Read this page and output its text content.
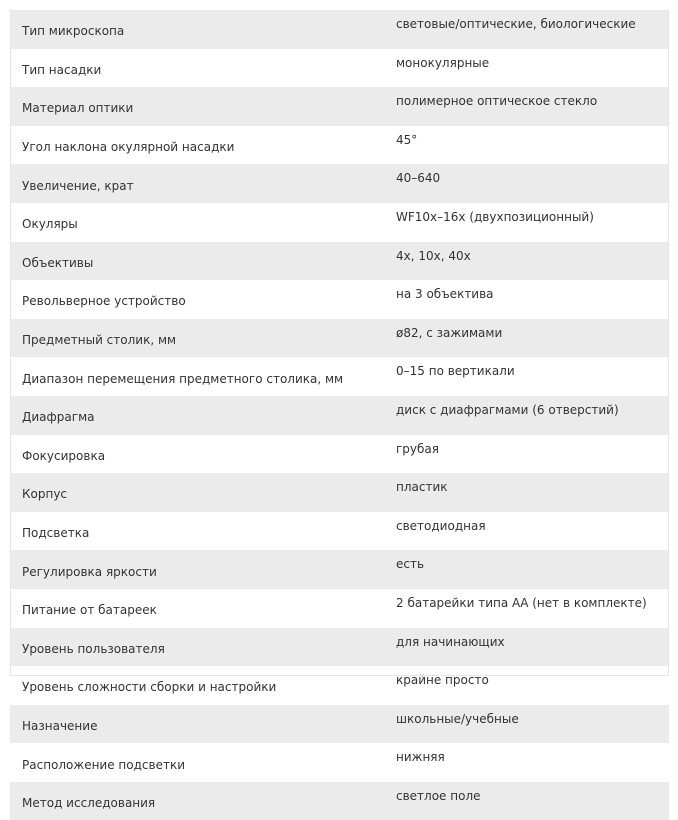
Тип микроскопа	световые/оптические, биологические
Тип насадки	монокулярные
Материал оптики	полимерное оптическое стекло
Угол наклона окулярной насадки	45°
Увеличение, крат	40–640
Окуляры	WF10x–16x (двухпозиционный)
Объективы	4x, 10x, 40x
Револьверное устройство	на 3 объектива
Предметный столик, мм	ø82, с зажимами
Диапазон перемещения предметного столика, мм	0–15 по вертикали
Диафрагма	диск с диафрагмами (6 отверстий)
Фокусировка	грубая
Корпус	пластик
Подсветка	светодиодная
Регулировка яркости	есть
Питание от батареек	2 батарейки типа АА (нет в комплекте)
Уровень пользователя	для начинающих
Уровень сложности сборки и настройки	крайне просто
Назначение	школьные/учебные
Расположение подсветки	нижняя
Метод исследования	светлое поле
